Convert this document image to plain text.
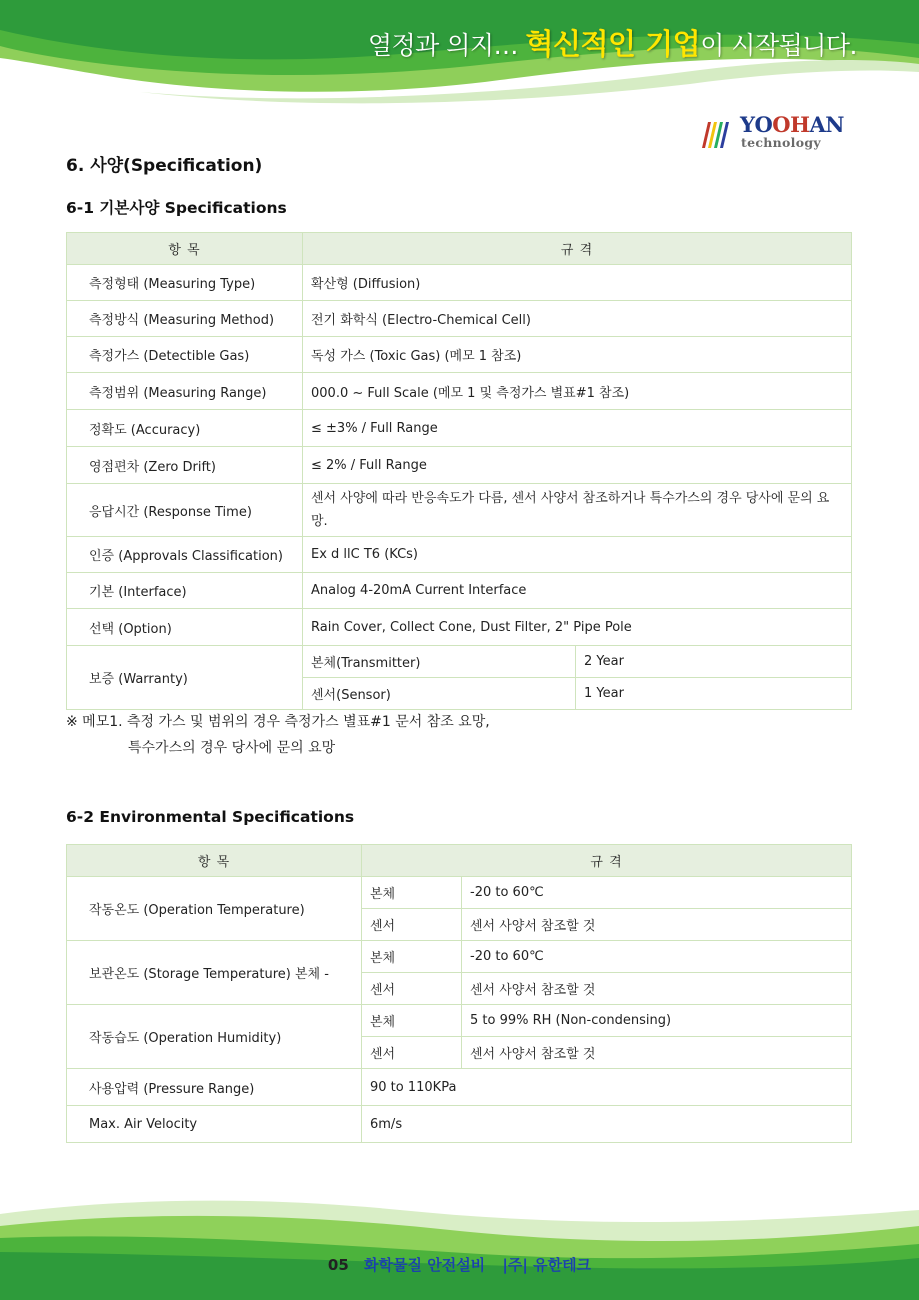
열정과 의지… 혁신적인 기업이 시작됩니다.
YOOHAN
technology
6. 사양(Specification)
6-1 기본사양 Specifications
항 목	규 격	
측정형태 (Measuring Type)	확산형 (Diffusion)	
측정방식 (Measuring Method)	전기 화학식 (Electro-Chemical Cell)	
측정가스 (Detectible Gas)	독성 가스 (Toxic Gas) (메모 1 참조)	
측정범위 (Measuring Range)	000.0 ~ Full Scale (메모 1 및 측정가스 별표#1 참조)	
정확도 (Accuracy)	≤ ±3% / Full Range	
영점편차 (Zero Drift)	≤ 2% / Full Range	
응답시간 (Response Time)	센서 사양에 따라 반응속도가 다름, 센서 사양서 참조하거나 특수가스의 경우 당사에 문의 요망.	
인증 (Approvals Classification)	Ex d llC T6 (KCs)	
기본 (Interface)	Analog 4-20mA Current Interface	
선택 (Option)	Rain Cover, Collect Cone, Dust Filter, 2" Pipe Pole	
보증 (Warranty)	본체(Transmitter)	2 Year
	센서(Sensor)	1 Year
※ 메모1. 측정 가스 및 범위의 경우 측정가스 별표#1 문서 참조 요망,
특수가스의 경우 당사에 문의 요망
6-2 Environmental Specifications
항 목	규 격	
작동온도 (Operation Temperature)	본체	-20 to 60℃
	센서	센서 사양서 참조할 것
보관온도 (Storage Temperature) 본체 -	본체	-20 to 60℃
	센서	센서 사양서 참조할 것
작동습도 (Operation Humidity)	본체	5 to 99% RH (Non-condensing)
	센서	센서 사양서 참조할 것
사용압력 (Pressure Range)	90 to 110KPa	
Max. Air Velocity	6m/s	
05 화학물질 안전설비 |주| 유한테크
